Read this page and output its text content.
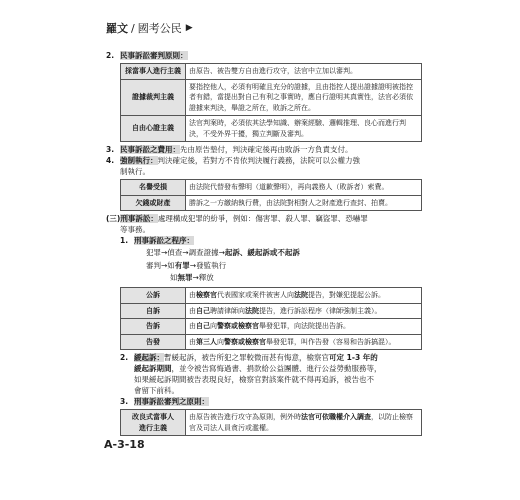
羅文 / 國考公民 ▶

2. 民事訴訟審判原則：

採當事人進行主義	由原告、被告雙方自由進行攻守，法官中立加以審判。
證據裁判主義	要指控他人，必須有明確且充分的證據，且由指控人提出證據證明被指控者有錯，當提出對自己有利之事實時，應自行證明其真實性，法官必須依證據來判決，舉證之所在，敗訴之所在。
自由心證主義	法官判案時，必須依其法學知識、辦案經驗、邏輯推理、良心而進行判決，不受外界干擾，獨立判斷及審判。

3. 民事訴訟之費用：先由原告墊付，判決確定後再由敗訴一方負責支付。

4. 強制執行：判決確定後，若對方不肯依判決履行義務，法院可以公權力強

制執行。

名譽受損	由法院代替發布聲明（道歉聲明），再向義務人（敗訴者）索費。
欠錢或財產	勝訴之一方繳納執行費，由法院對相對人之財產進行查封、拍賣。

(三)刑事訴訟：處理構成犯罪的紛爭，例如：傷害罪、殺人罪、竊盜罪、恐嚇罪

等事務。

1. 刑事訴訟之程序：

犯罪→偵查→調查證據→起訴、緩起訴或不起訴

審判→如有罪→發監執行

如無罪→釋放

公訴	由檢察官代表國家或案件被害人向法院提告，對嫌犯提起公訴。
自訴	由自己聘請律師向法院提告，進行訴訟程序（律師強制主義）。
告訴	由自己向警察或檢察官舉發犯罪，向法院提出告訴。
告發	由第三人向警察或檢察官舉發犯罪，叫作告發（容易和告訴搞混）。

2. 緩起訴：暫緩起訴，被告所犯之罪較微而甚有悔意，檢察官可定 1-3 年的

緩起訴期間，並令被告寫悔過書、捐款給公益團體、進行公益勞動服務等，

如果緩起訴期間被告表現良好，檢察官對該案件就不得再追訴，被告也不

會留下前科。

3. 刑事訴訟審判之原則：

改良式當事人
進行主義	由原告被告進行攻守為原則，例外時法官可依職權介入調查，以防止檢察官及司法人員貪污或濫權。
A-3-18
